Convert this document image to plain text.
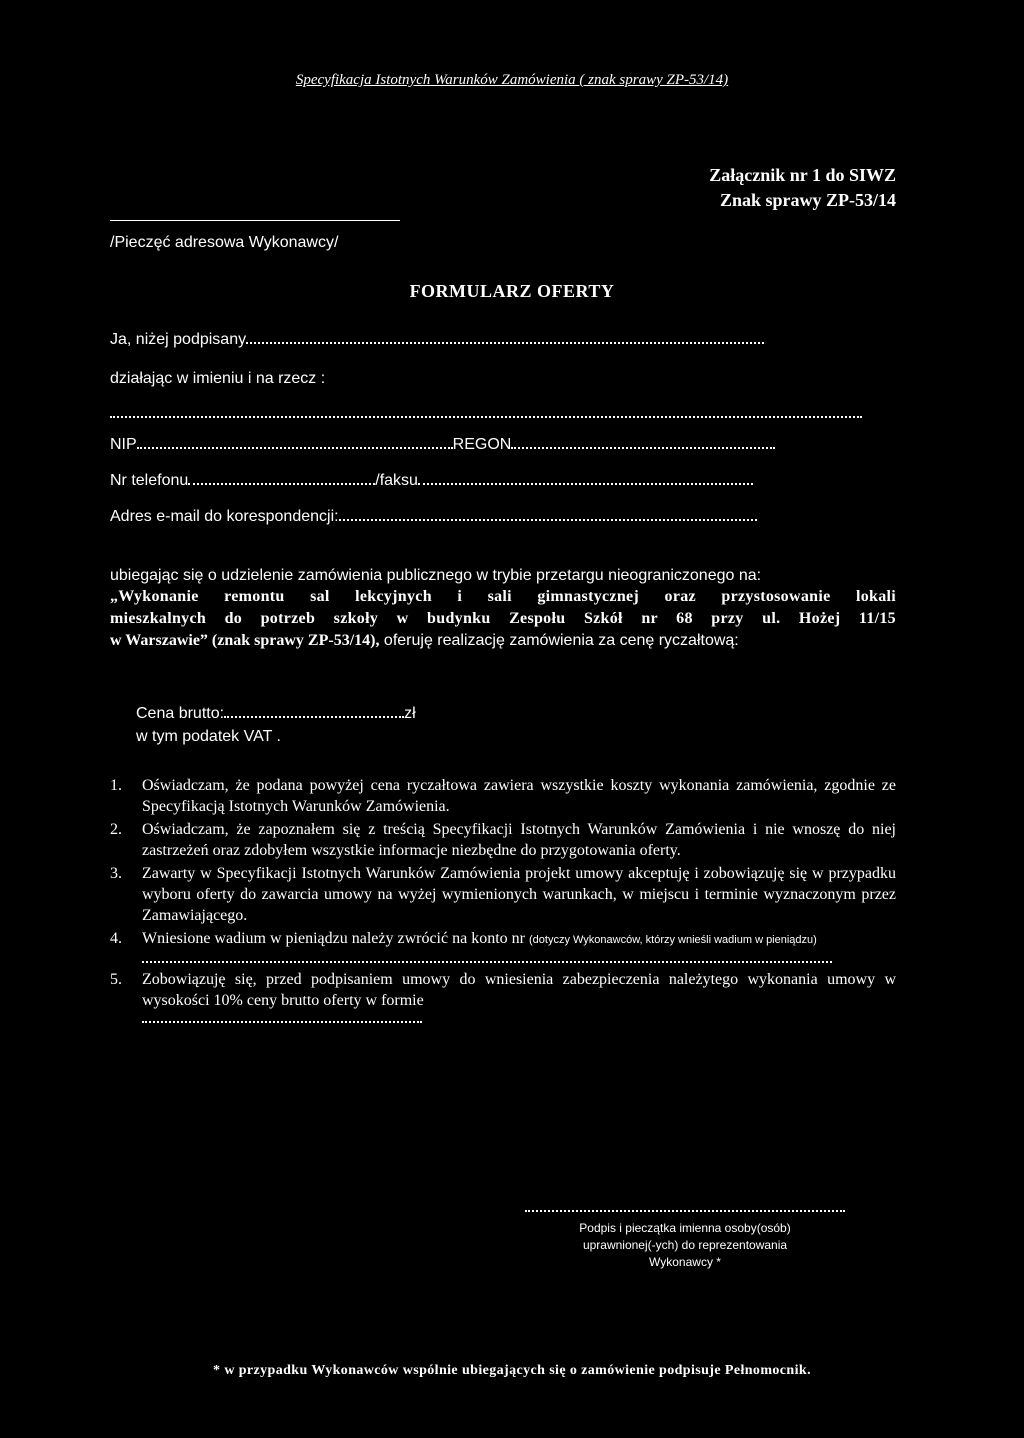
Specyfikacja Istotnych Warunków Zamówienia ( znak sprawy ZP-53/14)
Załącznik nr 1 do SIWZ
Znak sprawy ZP-53/14
/Pieczęć adresowa Wykonawcy/
FORMULARZ OFERTY
Ja, niżej podpisany
działając w imieniu i na rzecz :
NIP	REGON
Nr telefonu	/faksu
Adres e-mail do korespondencji:
ubiegając się o udzielenie zamówienia publicznego w trybie przetargu nieograniczonego na:
„Wykonanie remontu sal lekcyjnych i sali gimnastycznej oraz przystosowanie lokali
mieszkalnych do potrzeb szkoły w budynku Zespołu Szkół nr 68 przy ul. Hożej 11/15
w Warszawie” (znak sprawy ZP-53/14), oferuję realizację zamówienia za cenę ryczałtową:
Cena brutto:	zł
w tym podatek VAT .
1. Oświadczam, że podana powyżej cena ryczałtowa zawiera wszystkie koszty wykonania zamówienia, zgodnie ze Specyfikacją Istotnych Warunków Zamówienia.
2. Oświadczam, że zapoznałem się z treścią Specyfikacji Istotnych Warunków Zamówienia i nie wnoszę do niej zastrzeżeń oraz zdobyłem wszystkie informacje niezbędne do przygotowania oferty.
3. Zawarty w Specyfikacji Istotnych Warunków Zamówienia projekt umowy akceptuję i zobowiązuję się w przypadku wyboru oferty do zawarcia umowy na wyżej wymienionych warunkach, w miejscu i terminie wyznaczonym przez Zamawiającego.
4. Wniesione wadium w pieniądzu należy zwrócić na konto nr (dotyczy Wykonawców, którzy wnieśli wadium w pieniądzu)
5. Zobowiązuję się, przed podpisaniem umowy do wniesienia zabezpieczenia należytego wykonania umowy w wysokości 10% ceny brutto oferty w formie
Podpis i pieczątka imienna osoby(osób)
uprawnionej(-ych) do reprezentowania
Wykonawcy *
* w przypadku Wykonawców wspólnie ubiegających się o zamówienie podpisuje Pełnomocnik.
